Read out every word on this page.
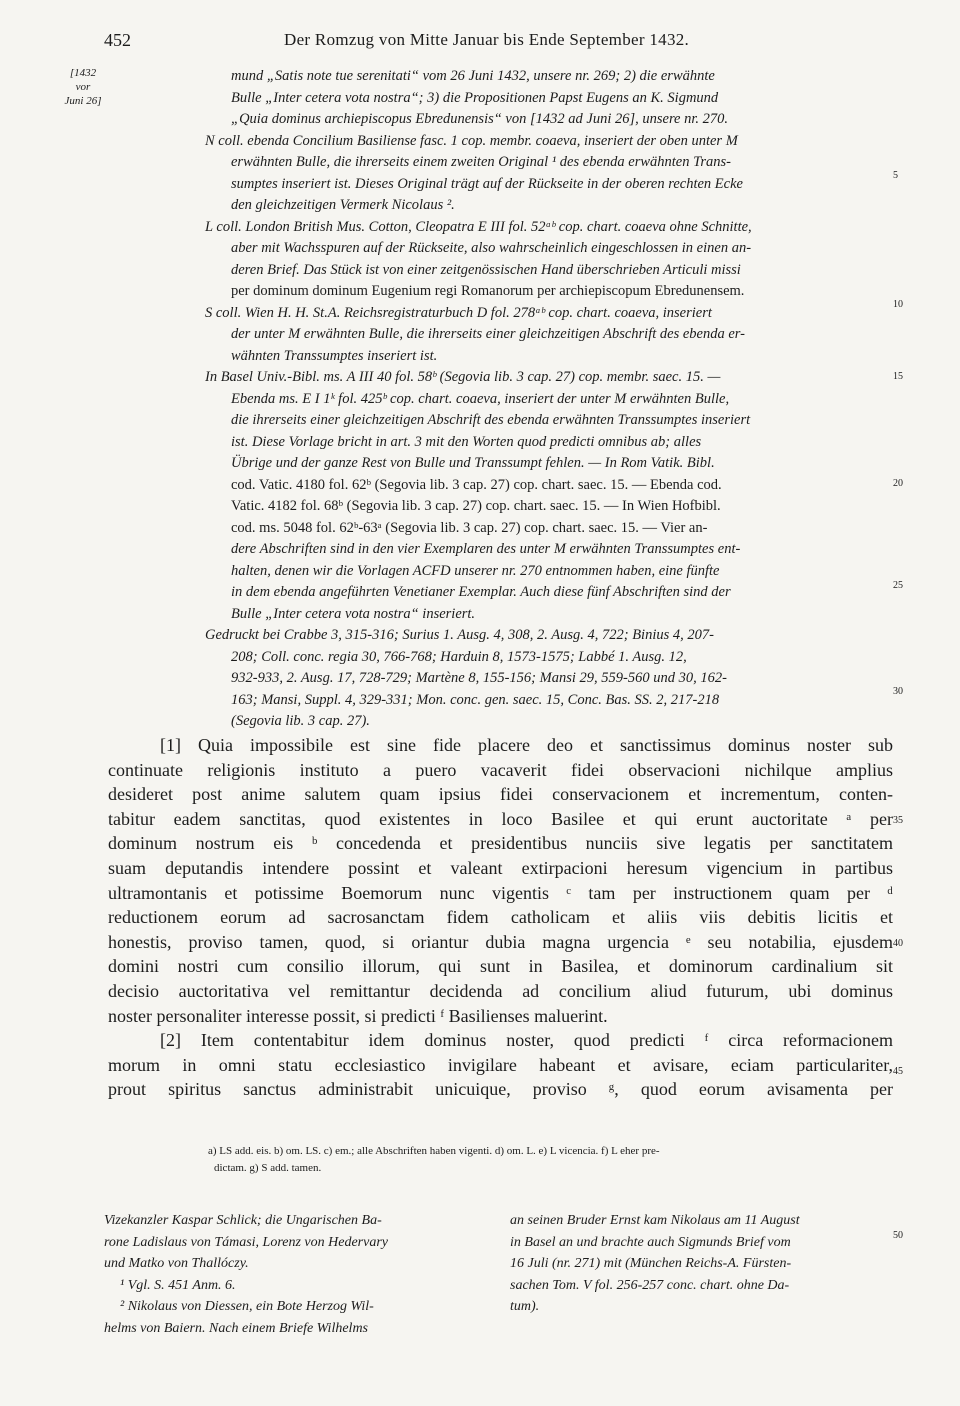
452	Der Romzug von Mitte Januar bis Ende September 1432.
[1432
vor
Juni 26]
mund „Satis note tue serenitati“ vom 26 Juni 1432, unsere nr. 269; 2) die erwähnte
Bulle „Inter cetera vota nostra“; 3) die Propositionen Papst Eugens an K. Sigmund
„Quia dominus archiepiscopus Ebredunensis“ von [1432 ad Juni 26], unsere nr. 270.
N coll. ebenda Concilium Basiliense fasc. 1 cop. membr. coaeva, inseriert der oben unter M
erwähnten Bulle, die ihrerseits einem zweiten Original ¹ des ebenda erwähnten Trans-
sumptes inseriert ist. Dieses Original trägt auf der Rückseite in der oberen rechten Ecke
den gleichzeitigen Vermerk Nicolaus ².
L coll. London British Mus. Cotton, Cleopatra E III fol. 52ᵃᵇ cop. chart. coaeva ohne Schnitte,
aber mit Wachsspuren auf der Rückseite, also wahrscheinlich eingeschlossen in einen an-
deren Brief. Das Stück ist von einer zeitgenössischen Hand überschrieben Articuli missi
per dominum dominum Eugenium regi Romanorum per archiepiscopum Ebredunensem.
S coll. Wien H. H. St.A. Reichsregistraturbuch D fol. 278ᵃᵇ cop. chart. coaeva, inseriert
der unter M erwähnten Bulle, die ihrerseits einer gleichzeitigen Abschrift des ebenda er-
wähnten Transsumptes inseriert ist.
In Basel Univ.-Bibl. ms. A III 40 fol. 58ᵇ (Segovia lib. 3 cap. 27) cop. membr. saec. 15. —
Ebenda ms. E I 1ᵏ fol. 425ᵇ cop. chart. coaeva, inseriert der unter M erwähnten Bulle,
die ihrerseits einer gleichzeitigen Abschrift des ebenda erwähnten Transsumptes inseriert
ist. Diese Vorlage bricht in art. 3 mit den Worten quod predicti omnibus ab; alles
Übrige und der ganze Rest von Bulle und Transsumpt fehlen. — In Rom Vatik. Bibl.
cod. Vatic. 4180 fol. 62ᵇ (Segovia lib. 3 cap. 27) cop. chart. saec. 15. — Ebenda cod.
Vatic. 4182 fol. 68ᵇ (Segovia lib. 3 cap. 27) cop. chart. saec. 15. — In Wien Hofbibl.
cod. ms. 5048 fol. 62ᵇ-63ᵃ (Segovia lib. 3 cap. 27) cop. chart. saec. 15. — Vier an-
dere Abschriften sind in den vier Exemplaren des unter M erwähnten Transsumptes ent-
halten, denen wir die Vorlagen ACFD unserer nr. 270 entnommen haben, eine fünfte
in dem ebenda angeführten Venetianer Exemplar. Auch diese fünf Abschriften sind der
Bulle „Inter cetera vota nostra“ inseriert.
Gedruckt bei Crabbe 3, 315-316; Surius 1. Ausg. 4, 308, 2. Ausg. 4, 722; Binius 4, 207-
208; Coll. conc. regia 30, 766-768; Harduin 8, 1573-1575; Labbé 1. Ausg. 12,
932-933, 2. Ausg. 17, 728-729; Martène 8, 155-156; Mansi 29, 559-560 und 30, 162-
163; Mansi, Suppl. 4, 329-331; Mon. conc. gen. saec. 15, Conc. Bas. SS. 2, 217-218
(Segovia lib. 3 cap. 27).
5
10
15
20
25
30
[1] Quia impossibile est sine fide placere deo et sanctissimus dominus noster sub
continuate religionis instituto a puero vacaverit fidei observacioni nichilque amplius
desideret post anime salutem quam ipsius fidei conservacionem et incrementum, conten-
tabitur eadem sanctitas, quod existentes in loco Basilee et qui erunt auctoritate ᵃ per
dominum nostrum eis ᵇ concedenda et presidentibus nunciis sive legatis per sanctitatem
suam deputandis intendere possint et valeant extirpacioni heresum vigencium in partibus
ultramontanis et potissime Boemorum nunc vigentis ᶜ tam per instructionem quam per ᵈ
reductionem eorum ad sacrosanctam fidem catholicam et aliis viis debitis licitis et
honestis, proviso tamen, quod, si oriantur dubia magna urgencia ᵉ seu notabilia, ejusdem
domini nostri cum consilio illorum, qui sunt in Basilea, et dominorum cardinalium sit
decisio auctoritativa vel remittantur decidenda ad concilium aliud futurum, ubi dominus
noster personaliter interesse possit, si predicti ᶠ Basilienses maluerint.
[2] Item contentabitur idem dominus noster, quod predicti ᶠ circa reformacionem
morum in omni statu ecclesiastico invigilare habeant et avisare, eciam particulariter,
prout spiritus sanctus administrabit unicuique, proviso ᵍ, quod eorum avisamenta per
35
40
45
a) LS add. eis. b) om. LS. c) em.; alle Abschriften haben vigenti. d) om. L. e) L vicencia. f) L eher pre-
dictam. g) S add. tamen.
Vizekanzler Kaspar Schlick; die Ungarischen Ba-
rone Ladislaus von Támasi, Lorenz von Hedervary
und Matko von Thallóczy.
¹ Vgl. S. 451 Anm. 6.
² Nikolaus von Diessen, ein Bote Herzog Wil-
helms von Baiern. Nach einem Briefe Wilhelms
an seinen Bruder Ernst kam Nikolaus am 11 August
in Basel an und brachte auch Sigmunds Brief vom
16 Juli (nr. 271) mit (München Reichs-A. Fürsten-
sachen Tom. V fol. 256-257 conc. chart. ohne Da-
tum).
50
